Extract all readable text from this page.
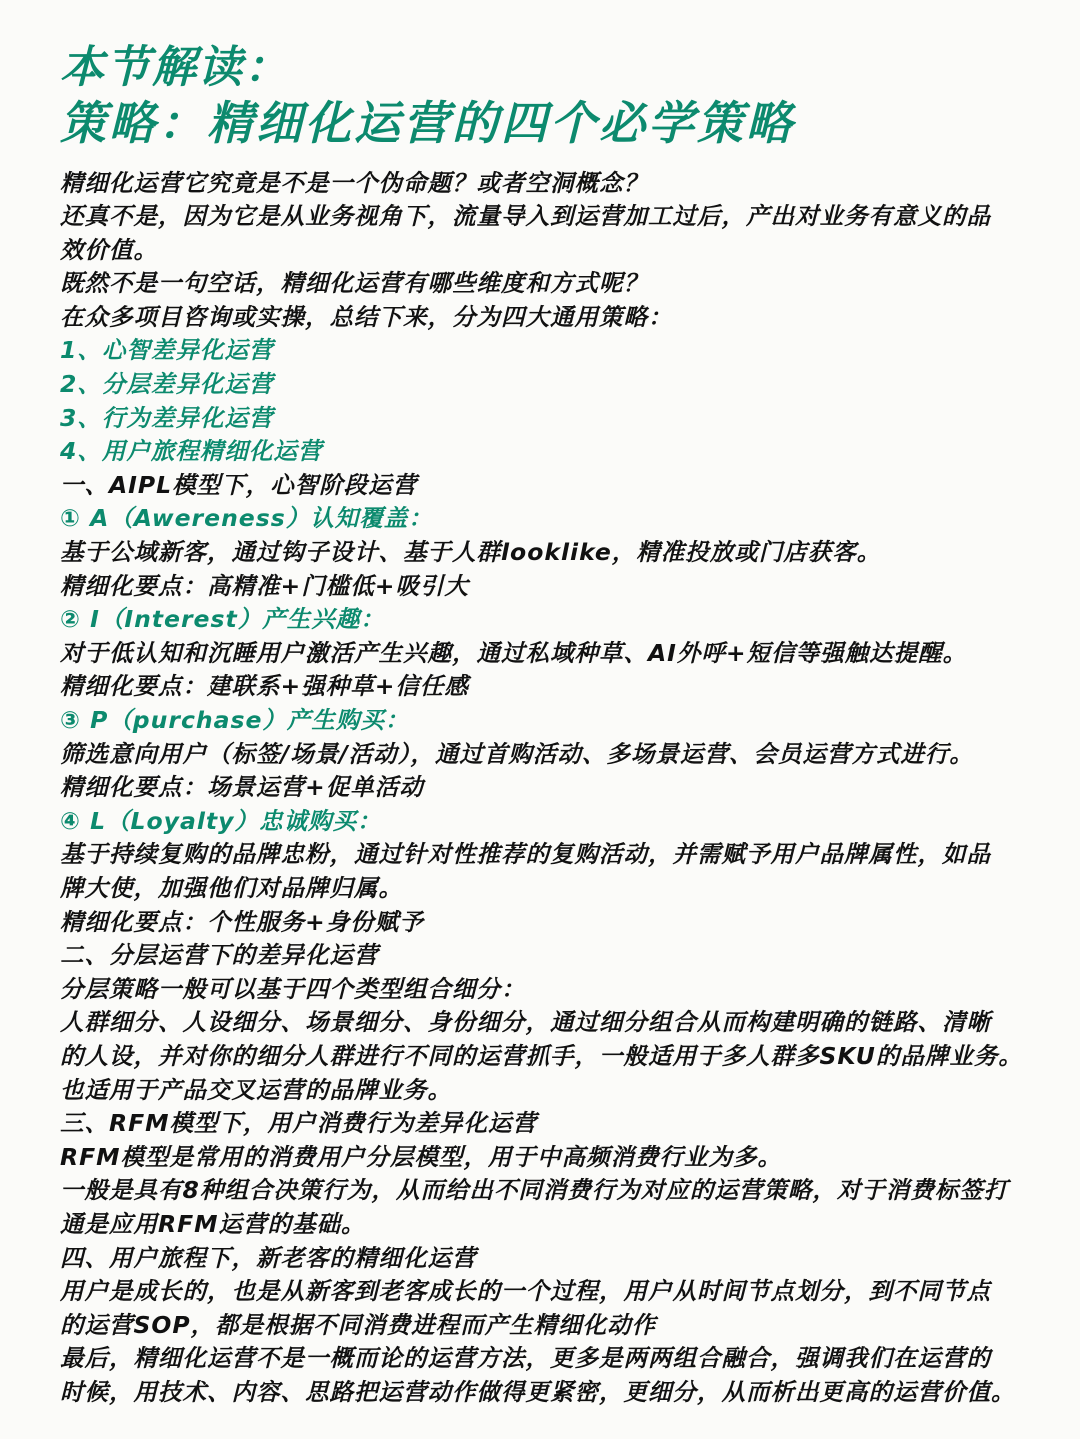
本节解读：
策略：精细化运营的四个必学策略
精细化运营它究竟是不是一个伪命题？或者空洞概念？
还真不是，因为它是从业务视角下，流量导入到运营加工过后，产出对业务有意义的品
效价值。
既然不是一句空话，精细化运营有哪些维度和方式呢？
在众多项目咨询或实操，总结下来，分为四大通用策略：
1、心智差异化运营
2、分层差异化运营
3、行为差异化运营
4、用户旅程精细化运营
一、AIPL模型下，心智阶段运营
① A（Awereness）认知覆盖：
基于公域新客，通过钩子设计、基于人群looklike，精准投放或门店获客。
精细化要点：高精准+门槛低+吸引大
② I（Interest）产生兴趣：
对于低认知和沉睡用户激活产生兴趣，通过私域种草、AI外呼+短信等强触达提醒。
精细化要点：建联系+强种草+信任感
③ P（purchase）产生购买：
筛选意向用户（标签/场景/活动），通过首购活动、多场景运营、会员运营方式进行。
精细化要点：场景运营+促单活动
④ L（Loyalty）忠诚购买：
基于持续复购的品牌忠粉，通过针对性推荐的复购活动，并需赋予用户品牌属性，如品
牌大使，加强他们对品牌归属。
精细化要点：个性服务+身份赋予
二、分层运营下的差异化运营
分层策略一般可以基于四个类型组合细分：
人群细分、人设细分、场景细分、身份细分，通过细分组合从而构建明确的链路、清晰
的人设，并对你的细分人群进行不同的运营抓手，一般适用于多人群多SKU的品牌业务。
也适用于产品交叉运营的品牌业务。
三、RFM模型下，用户消费行为差异化运营
RFM模型是常用的消费用户分层模型，用于中高频消费行业为多。
一般是具有8种组合决策行为，从而给出不同消费行为对应的运营策略，对于消费标签打
通是应用RFM运营的基础。
四、用户旅程下，新老客的精细化运营
用户是成长的，也是从新客到老客成长的一个过程，用户从时间节点划分，到不同节点
的运营SOP，都是根据不同消费进程而产生精细化动作
最后，精细化运营不是一概而论的运营方法，更多是两两组合融合，强调我们在运营的
时候，用技术、内容、思路把运营动作做得更紧密，更细分，从而析出更高的运营价值。
